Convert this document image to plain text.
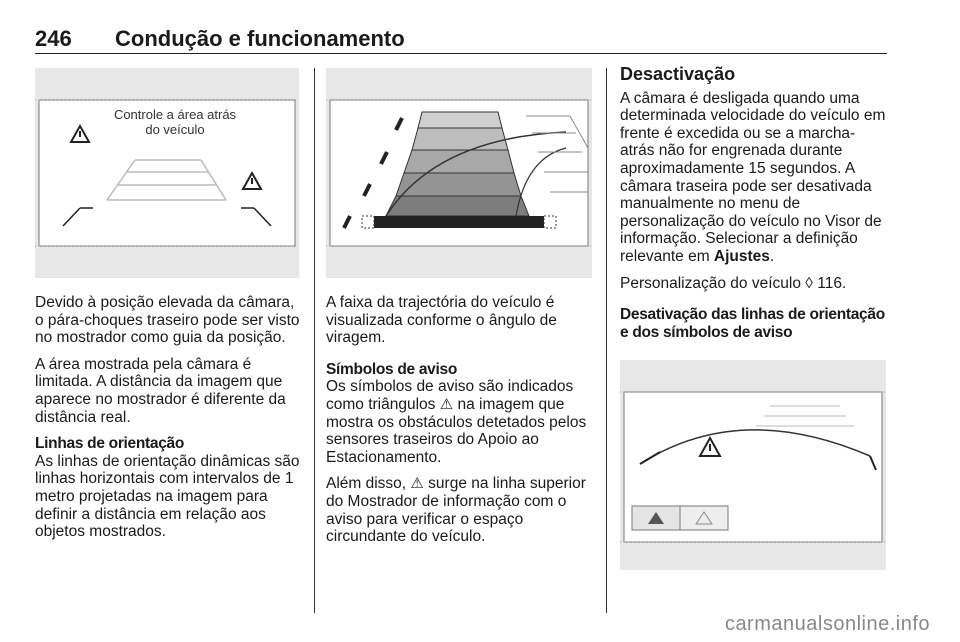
246 Condução e funcionamento
Controle a área atrás
do veículo

Devido à posição elevada da câmara, o pára-choques traseiro pode ser visto no mostrador como guia da posição.

A área mostrada pela câmara é limitada. A distância da imagem que aparece no mostrador é diferente da distância real.

Linhas de orientação

As linhas de orientação dinâmicas são linhas horizontais com intervalos de 1 metro projetadas na imagem para definir a distância em relação aos objetos mostrados.

A faixa da trajectória do veículo é visualizada conforme o ângulo de viragem.

Símbolos de aviso

Os símbolos de aviso são indicados como triângulos ⚠ na imagem que mostra os obstáculos detetados pelos sensores traseiros do Apoio ao Estacionamento.

Além disso, ⚠ surge na linha superior do Mostrador de informação com o aviso para verificar o espaço circundante do veículo.

Desactivação

A câmara é desligada quando uma determinada velocidade do veículo em frente é excedida ou se a marcha-atrás não for engrenada durante aproximadamente 15 segundos. A câmara traseira pode ser desativada manualmente no menu de personalização do veículo no Visor de informação. Selecionar a definição relevante em Ajustes.

Personalização do veículo ◊ 116.

Desativação das linhas de orientação e dos símbolos de aviso
carmanualsonline.info
